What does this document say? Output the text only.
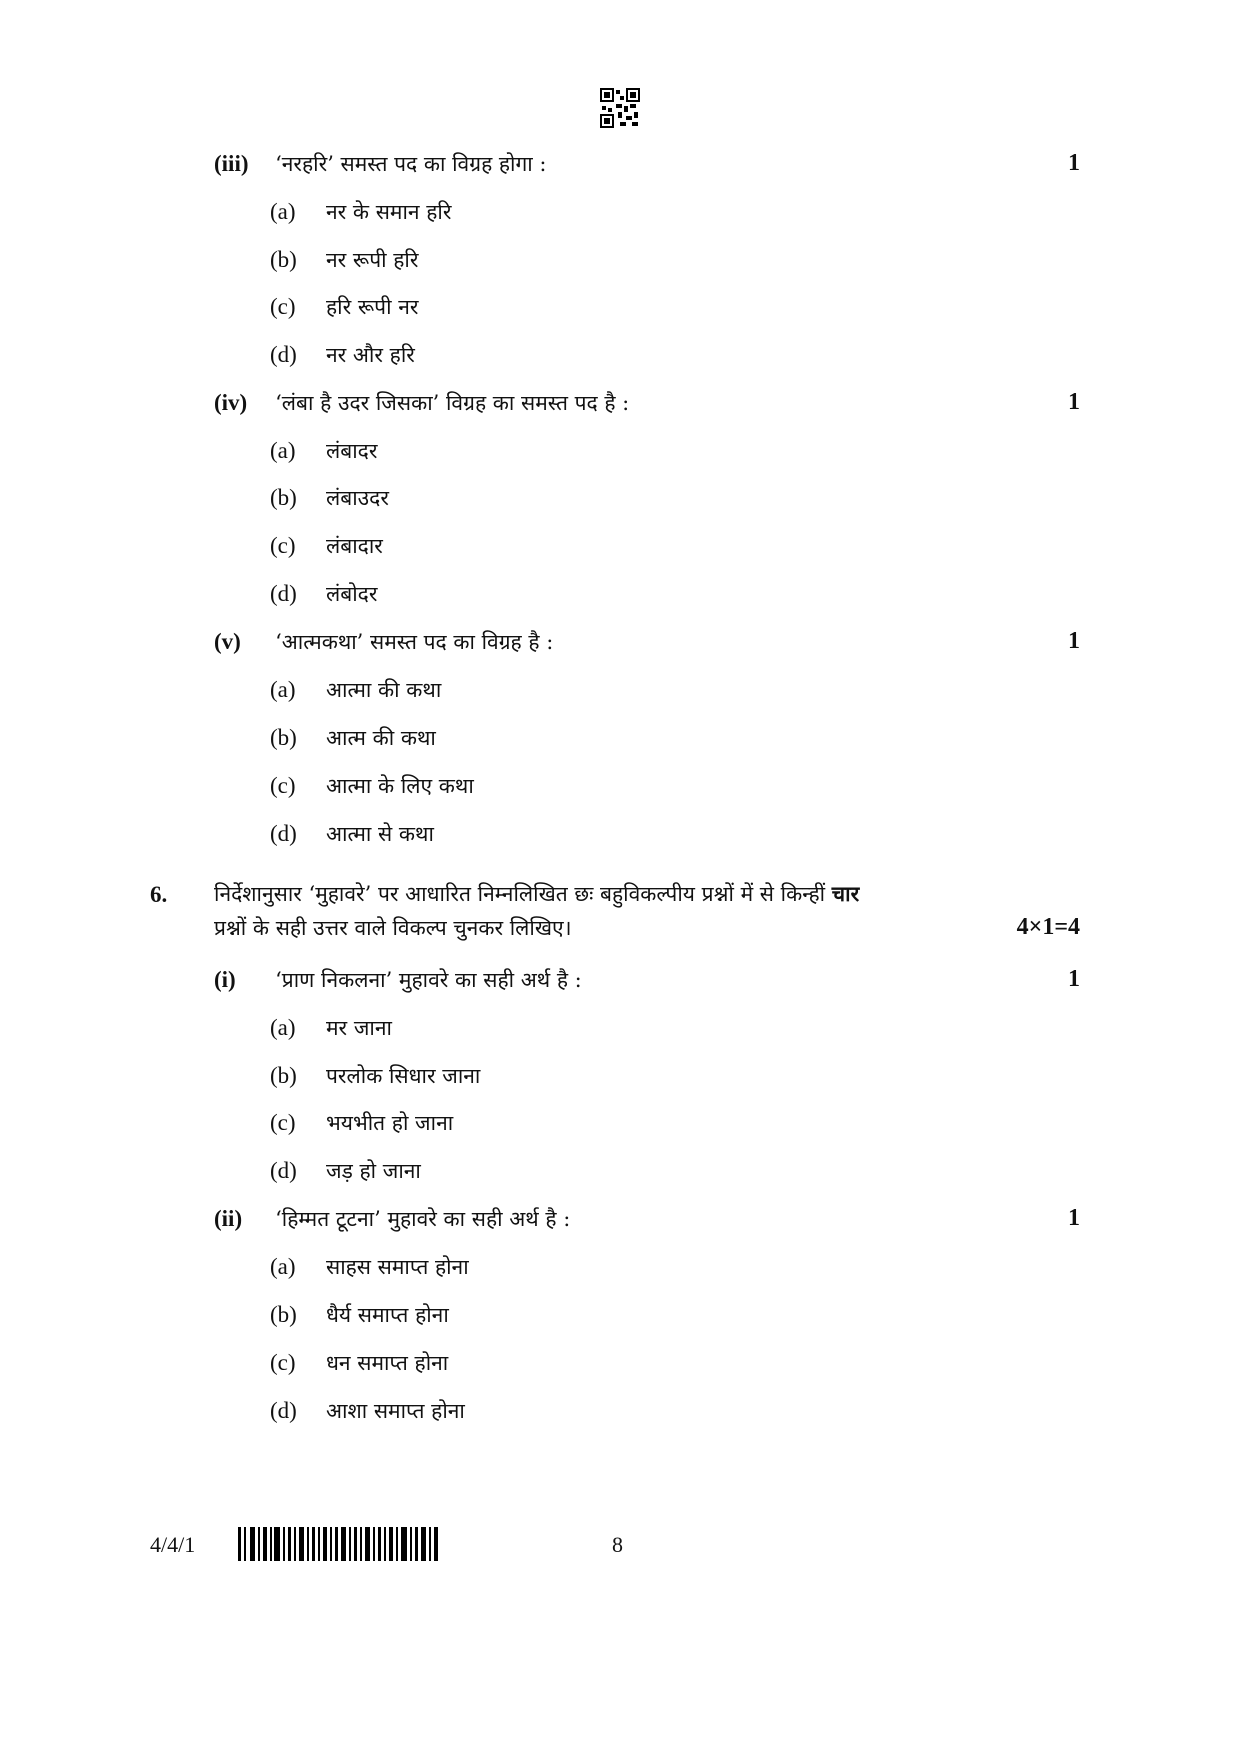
(iii) ‘नरहरि’ समस्त पद का विग्रह होगा :	1
(a) नर के समान हरि
(b) नर रूपी हरि
(c) हरि रूपी नर
(d) नर और हरि
(iv) ‘लंबा है उदर जिसका’ विग्रह का समस्त पद है :	1
(a) लंबादर
(b) लंबाउदर
(c) लंबादार
(d) लंबोदर
(v) ‘आत्मकथा’ समस्त पद का विग्रह है :	1
(a) आत्मा की कथा
(b) आत्म की कथा
(c) आत्मा के लिए कथा
(d) आत्मा से कथा
6. निर्देशानुसार ‘मुहावरे’ पर आधारित निम्नलिखित छः बहुविकल्पीय प्रश्नों में से किन्हीं चार
प्रश्नों के सही उत्तर वाले विकल्प चुनकर लिखिए।	4×1=4
(i) ‘प्राण निकलना’ मुहावरे का सही अर्थ है :	1
(a) मर जाना
(b) परलोक सिधार जाना
(c) भयभीत हो जाना
(d) जड़ हो जाना
(ii) ‘हिम्मत टूटना’ मुहावरे का सही अर्थ है :	1
(a) साहस समाप्त होना
(b) धैर्य समाप्त होना
(c) धन समाप्त होना
(d) आशा समाप्त होना
4/4/1	8
